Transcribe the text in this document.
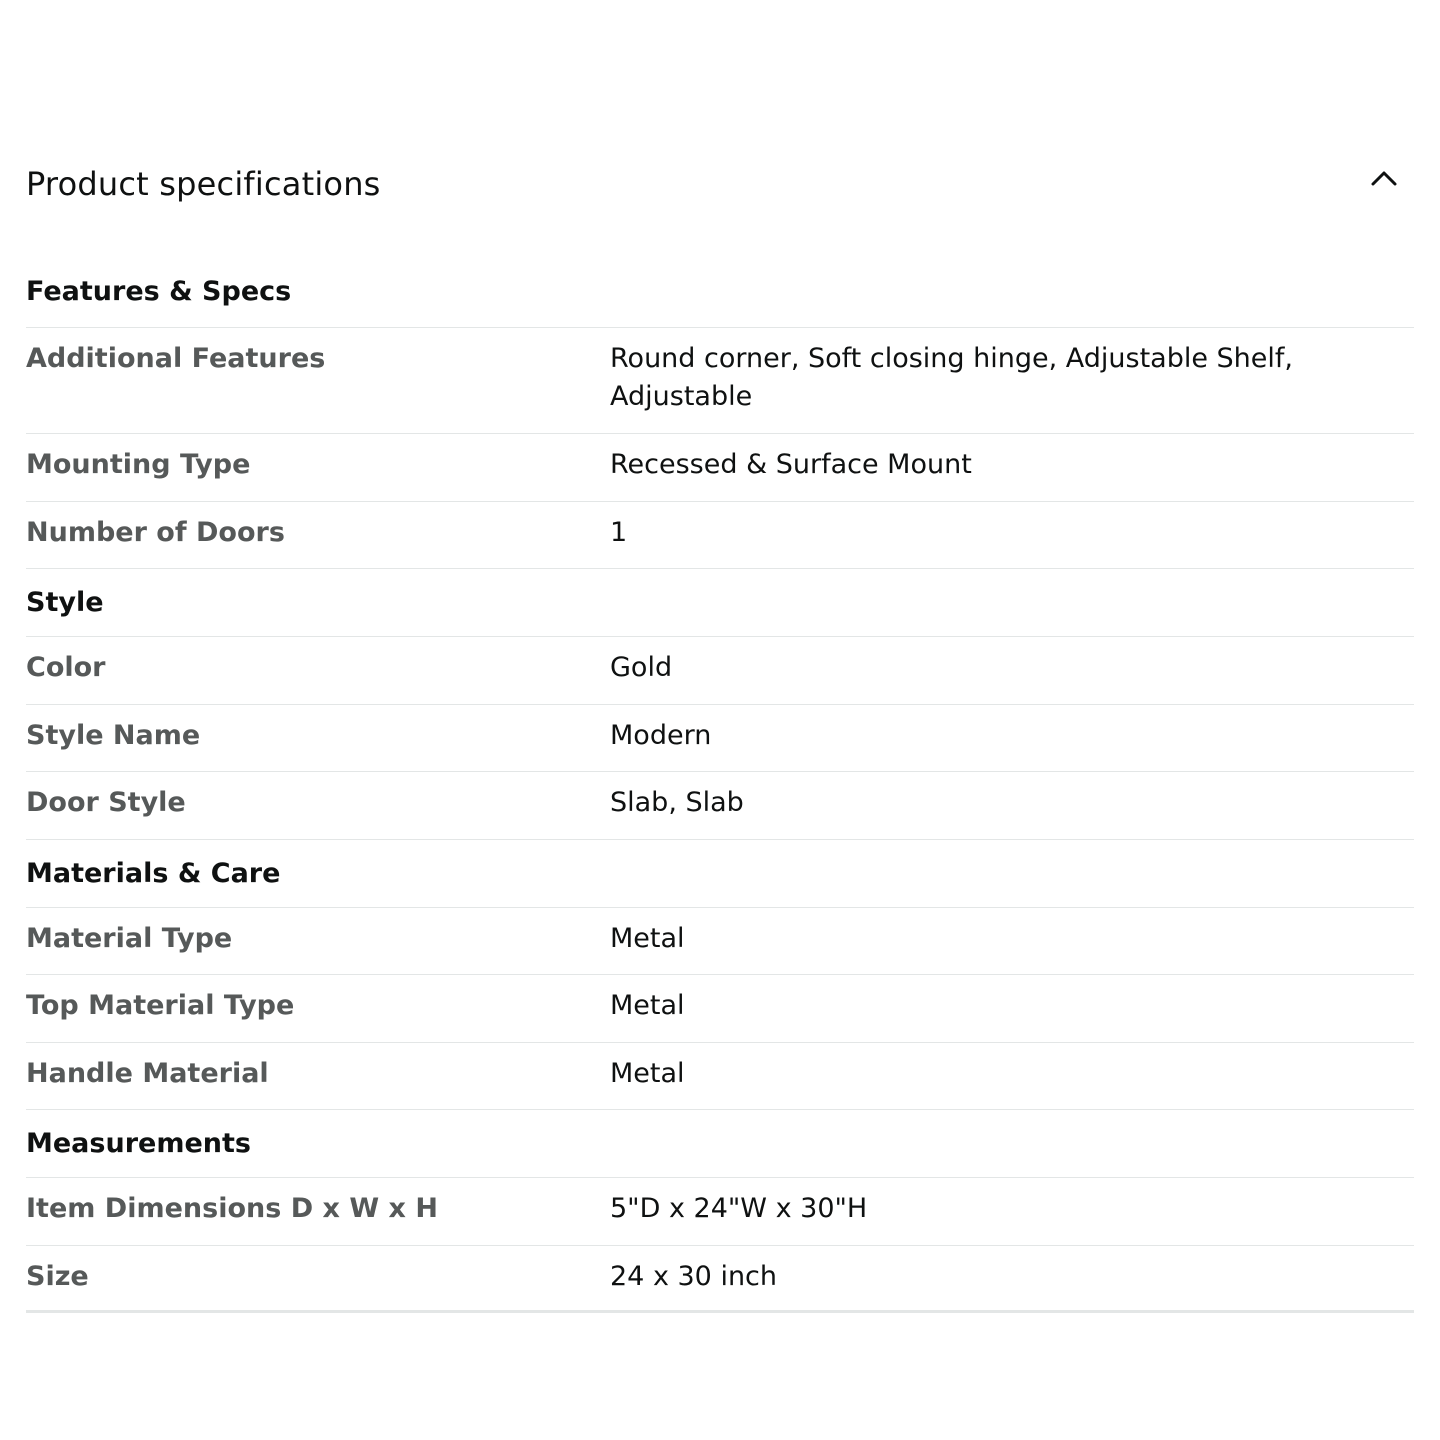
Product specifications
Features & Specs
Additional Features	Round corner, Soft closing hinge, Adjustable Shelf, Adjustable
Mounting Type	Recessed & Surface Mount
Number of Doors	1
Style
Color	Gold
Style Name	Modern
Door Style	Slab, Slab
Materials & Care
Material Type	Metal
Top Material Type	Metal
Handle Material	Metal
Measurements
Item Dimensions D x W x H	5"D x 24"W x 30"H
Size	24 x 30 inch
